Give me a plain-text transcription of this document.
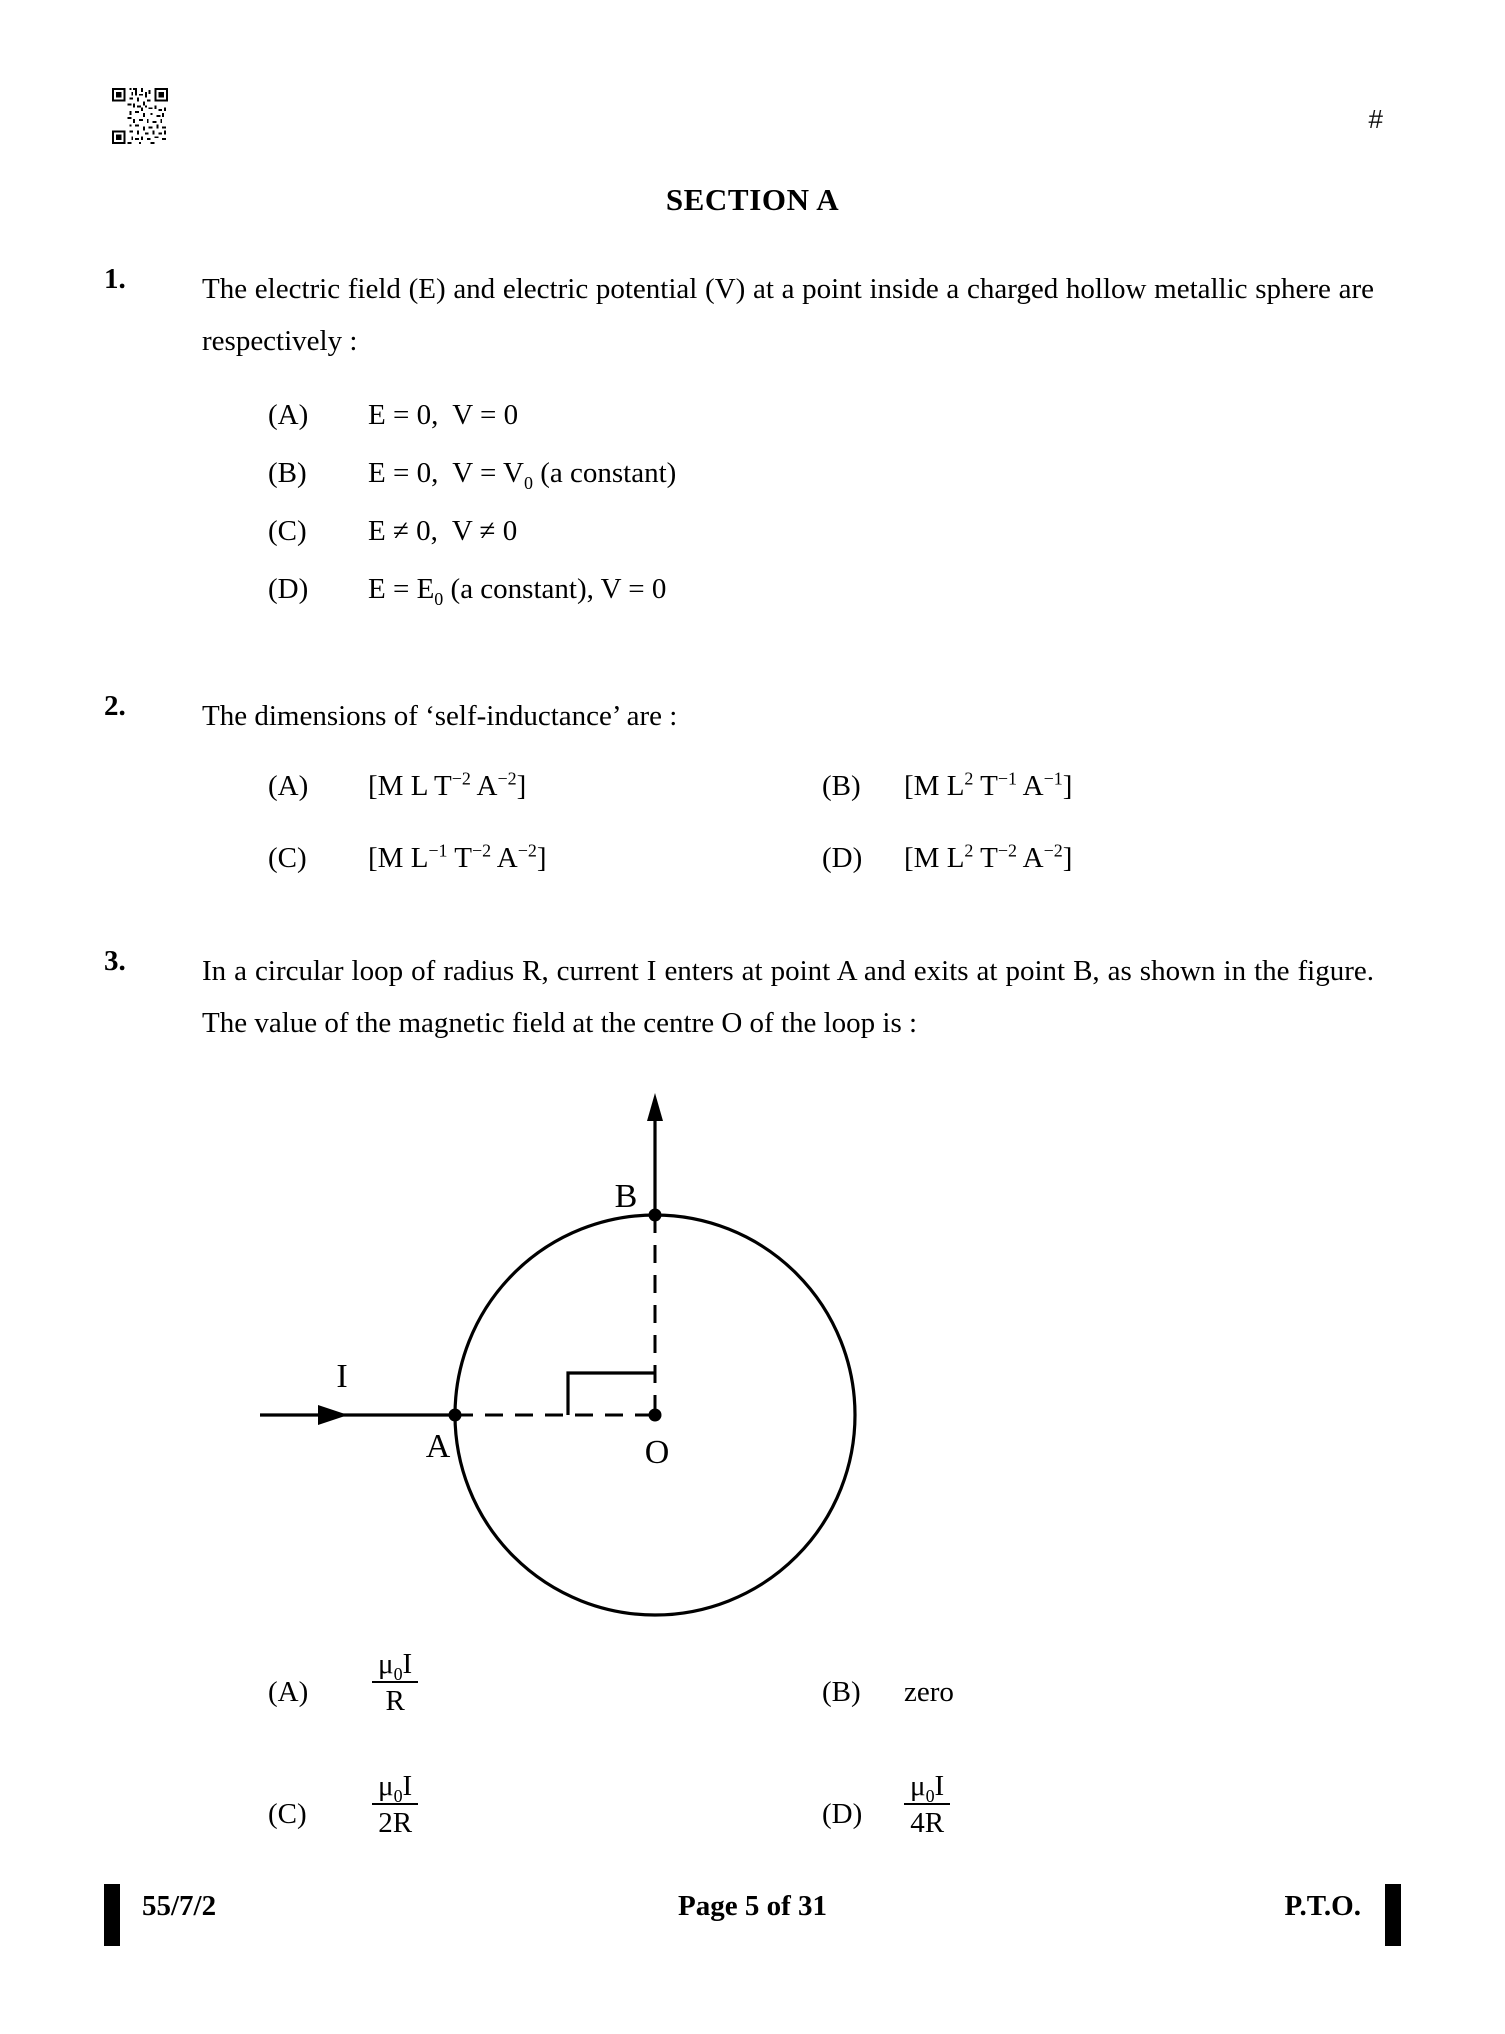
#
SECTION A
1.	The electric field (E) and electric potential (V) at a point inside a charged hollow metallic sphere are respectively :
(A)	E = 0,  V = 0
(B)	E = 0,  $V = V_0$ (a constant)
(C)	E ≠ 0,  V ≠ 0
(D)	$E = E_0$ (a constant), V = 0
2.	The dimensions of ‘self-inductance’ are :
(A)	[M L $T^{-2}$ $A^{-2}$]	(B)	[M $L^2$ $T^{-1}$ $A^{-1}$]
(C)	[M $L^{-1}$ $T^{-2}$ $A^{-2}$]	(D)	[M $L^2$ $T^{-2}$ $A^{-2}$]
3.	In a circular loop of radius R, current I enters at point A and exits at point B, as shown in the figure. The value of the magnetic field at the centre O of the loop is :
I
A
B
O
(A)	$\frac{\mu_0I}{R}$	(B)	zero
(C)	$\frac{\mu_0I}{2R}$	(D)	$\frac{\mu_0I}{4R}$
55/7/2	Page 5 of 31	P.T.O.
